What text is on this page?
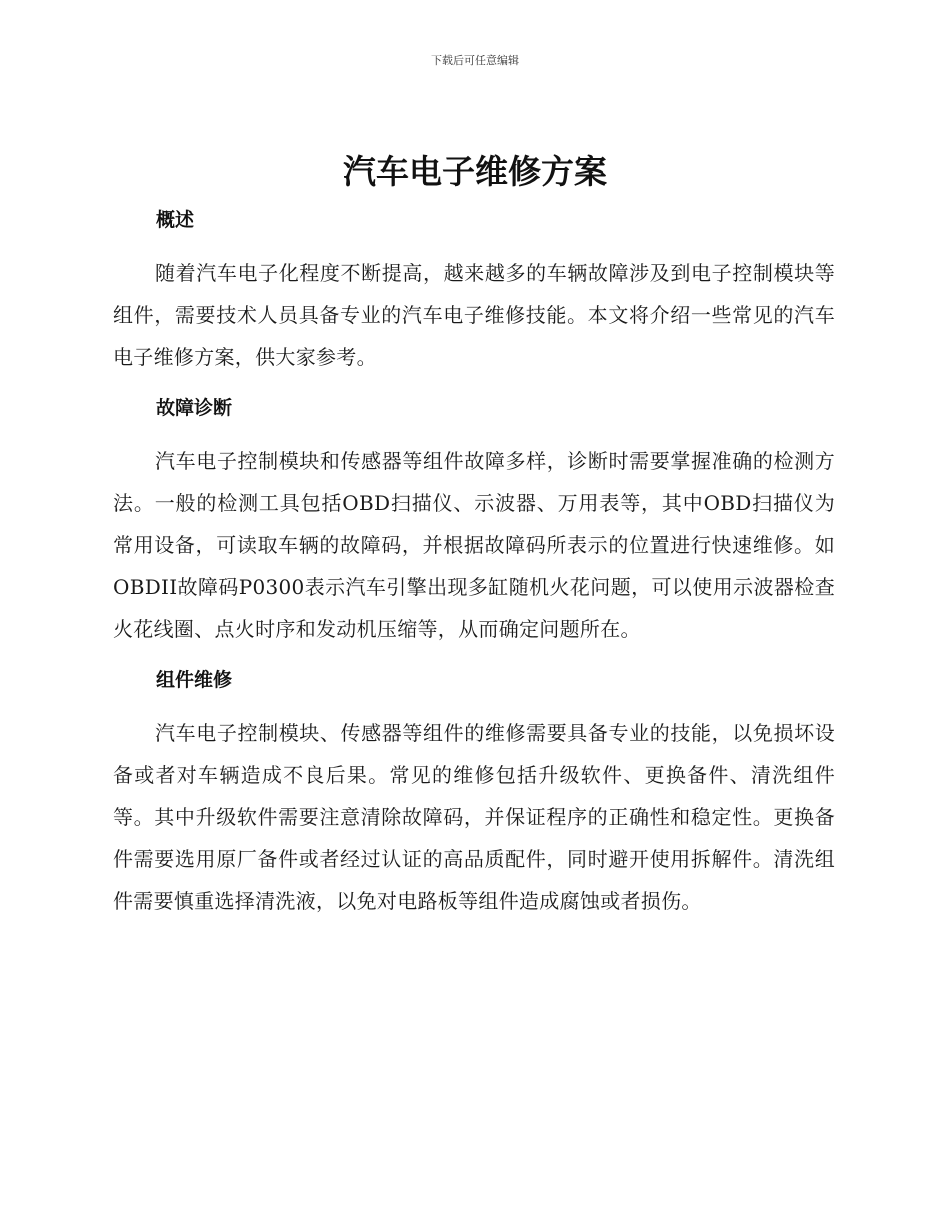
下载后可任意编辑
汽车电子维修方案
概述

随着汽车电子化程度不断提高，越来越多的车辆故障涉及到电子控制模块等组件，需要技术人员具备专业的汽车电子维修技能。本文将介绍一些常见的汽车电子维修方案，供大家参考。

故障诊断

汽车电子控制模块和传感器等组件故障多样，诊断时需要掌握准确的检测方法。一般的检测工具包括OBD扫描仪、示波器、万用表等，其中OBD扫描仪为常用设备，可读取车辆的故障码，并根据故障码所表示的位置进行快速维修。如OBDII故障码P0300表示汽车引擎出现多缸随机火花问题，可以使用示波器检查火花线圈、点火时序和发动机压缩等，从而确定问题所在。

组件维修

汽车电子控制模块、传感器等组件的维修需要具备专业的技能，以免损坏设备或者对车辆造成不良后果。常见的维修包括升级软件、更换备件、清洗组件等。其中升级软件需要注意清除故障码，并保证程序的正确性和稳定性。更换备件需要选用原厂备件或者经过认证的高品质配件，同时避开使用拆解件。清洗组件需要慎重选择清洗液，以免对电路板等组件造成腐蚀或者损伤。
